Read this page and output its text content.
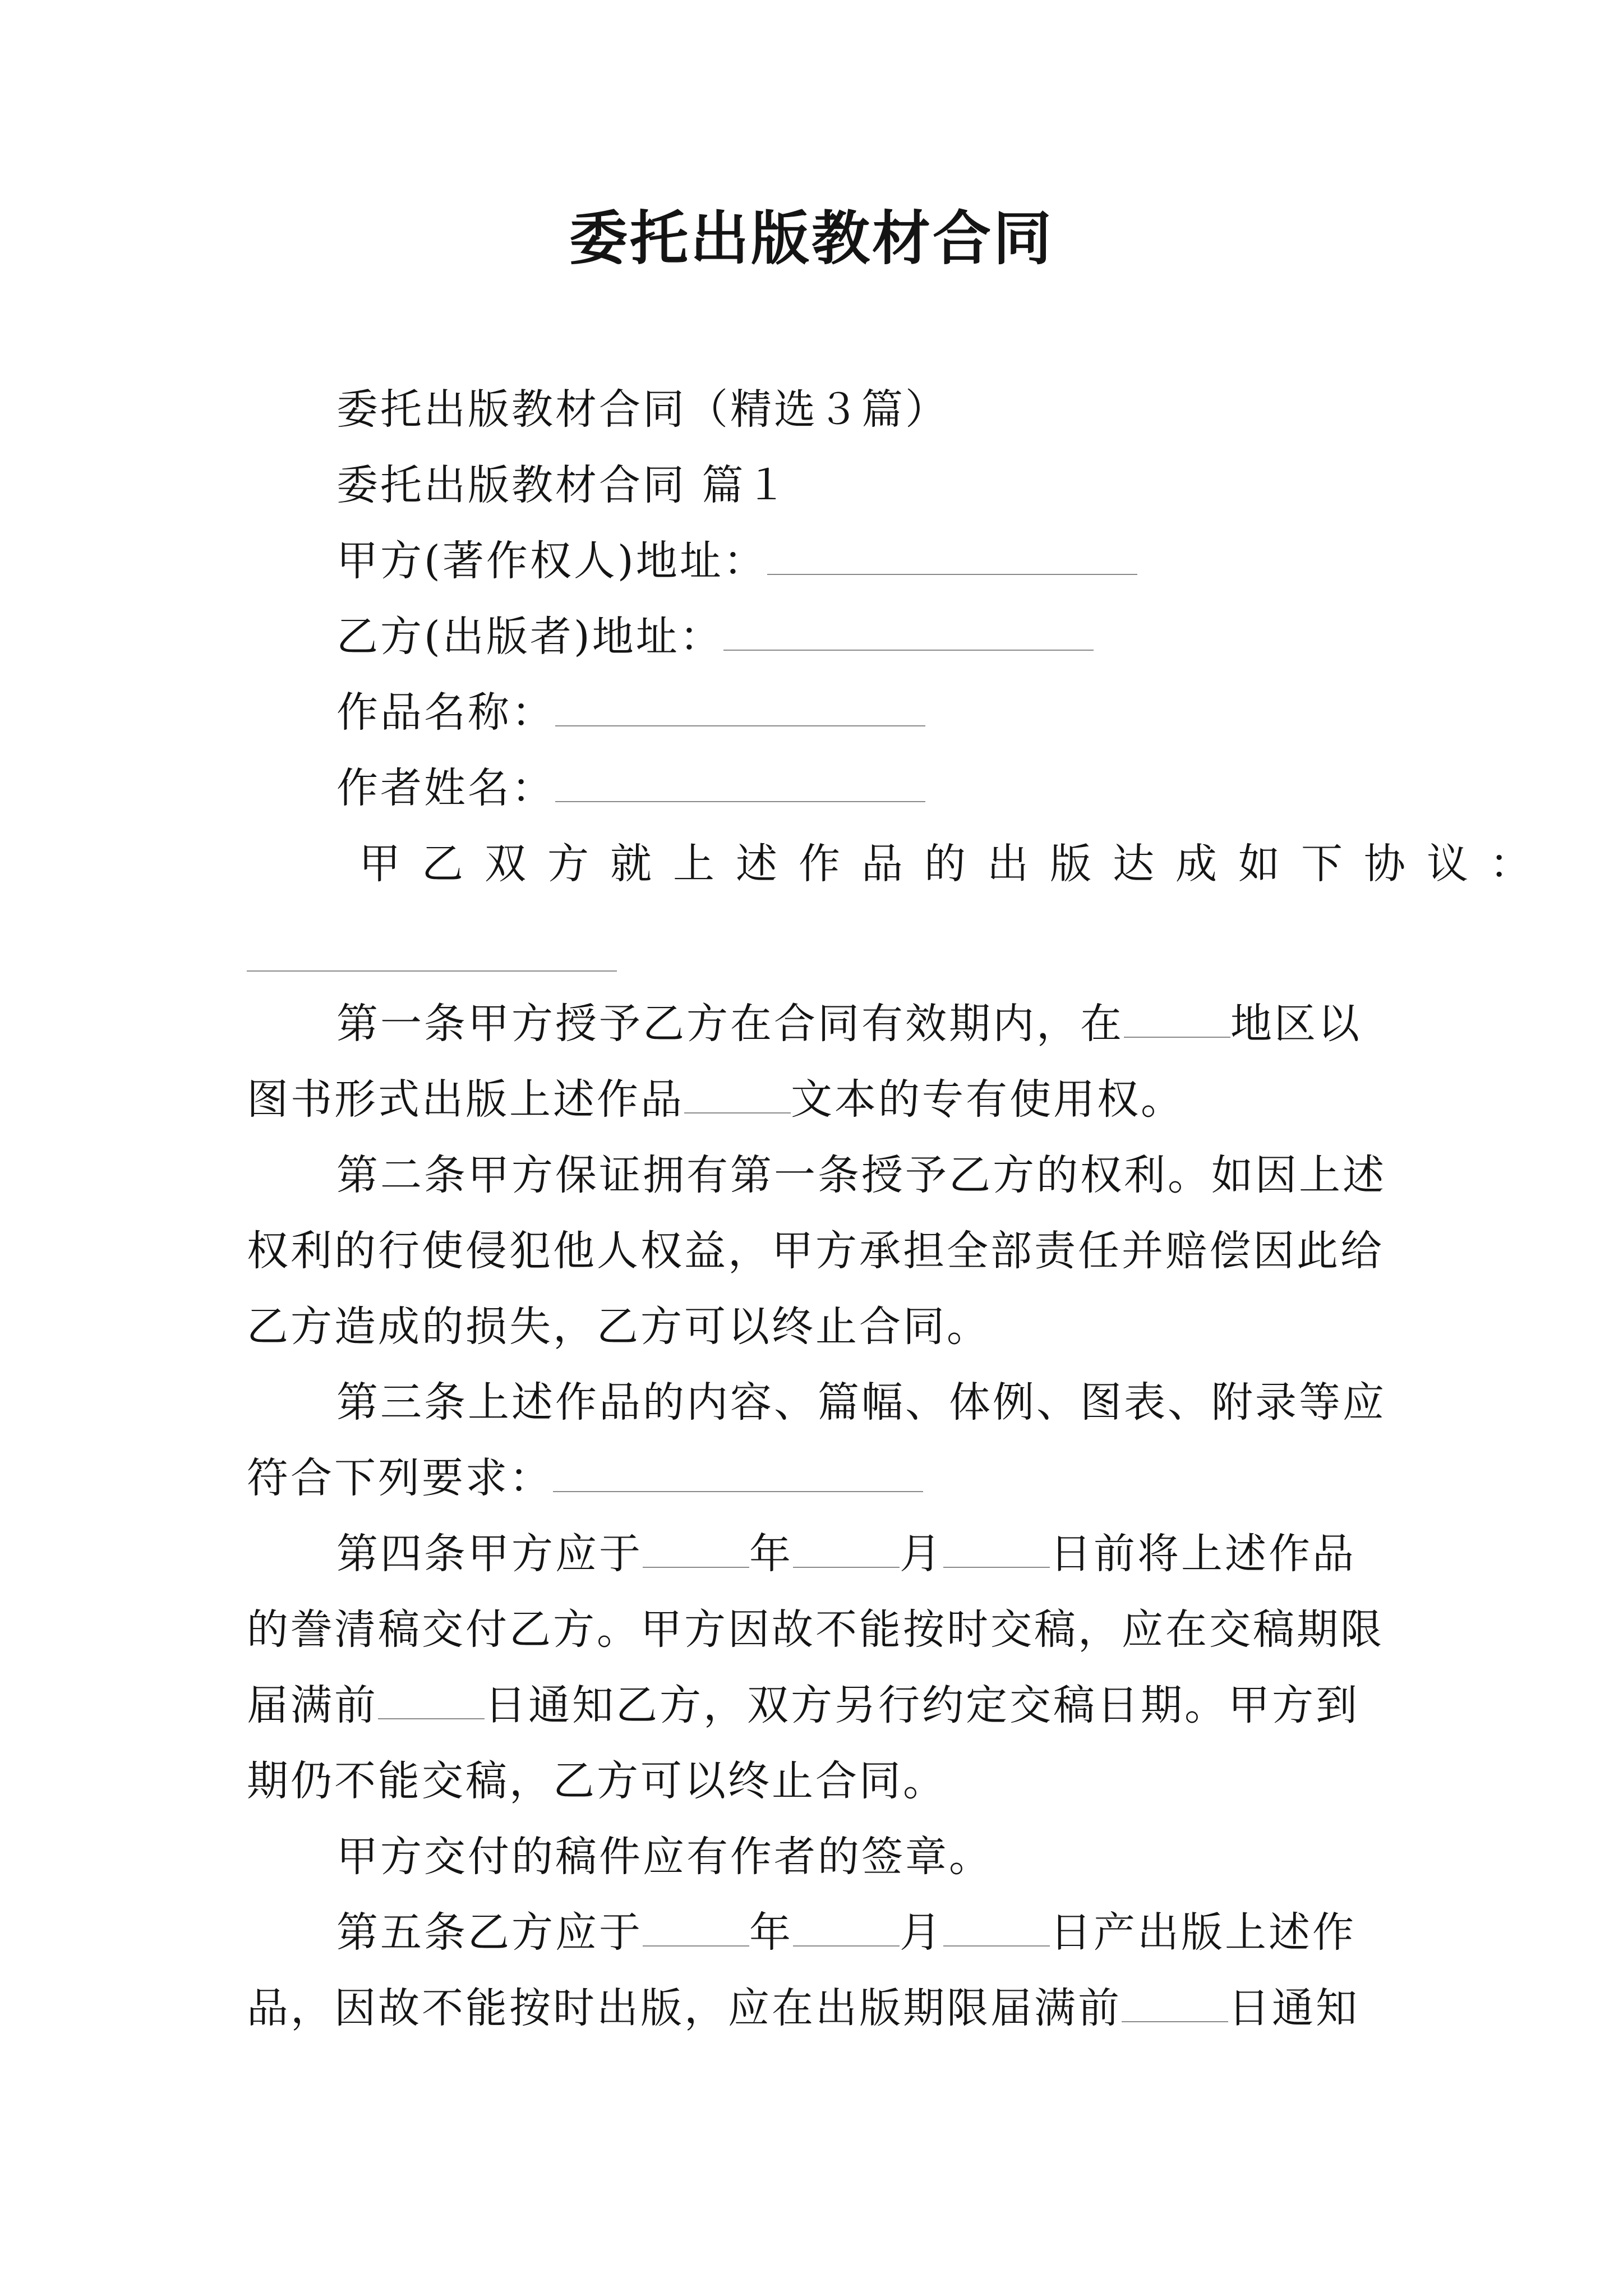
委托出版教材合同
委托出版教材合同（精选３篇）
委托出版教材合同 篇１
甲方(著作权人)地址：
乙方(出版者)地址：
作品名称：
作者姓名：
甲乙双方就上述作品的出版达成如下协议：
第一条甲方授予乙方在合同有效期内，在	地区以
图书形式出版上述作品	文本的专有使用权。
第二条甲方保证拥有第一条授予乙方的权利。如因上述
权利的行使侵犯他人权益，甲方承担全部责任并赔偿因此给
乙方造成的损失，乙方可以终止合同。
第三条上述作品的内容、篇幅、体例、图表、附录等应
符合下列要求：
第四条甲方应于	年	月	日前将上述作品
的誊清稿交付乙方。甲方因故不能按时交稿，应在交稿期限
届满前	日通知乙方，双方另行约定交稿日期。甲方到
期仍不能交稿，乙方可以终止合同。
甲方交付的稿件应有作者的签章。
第五条乙方应于	年	月	日产出版上述作
品，因故不能按时出版，应在出版期限届满前	日通知
